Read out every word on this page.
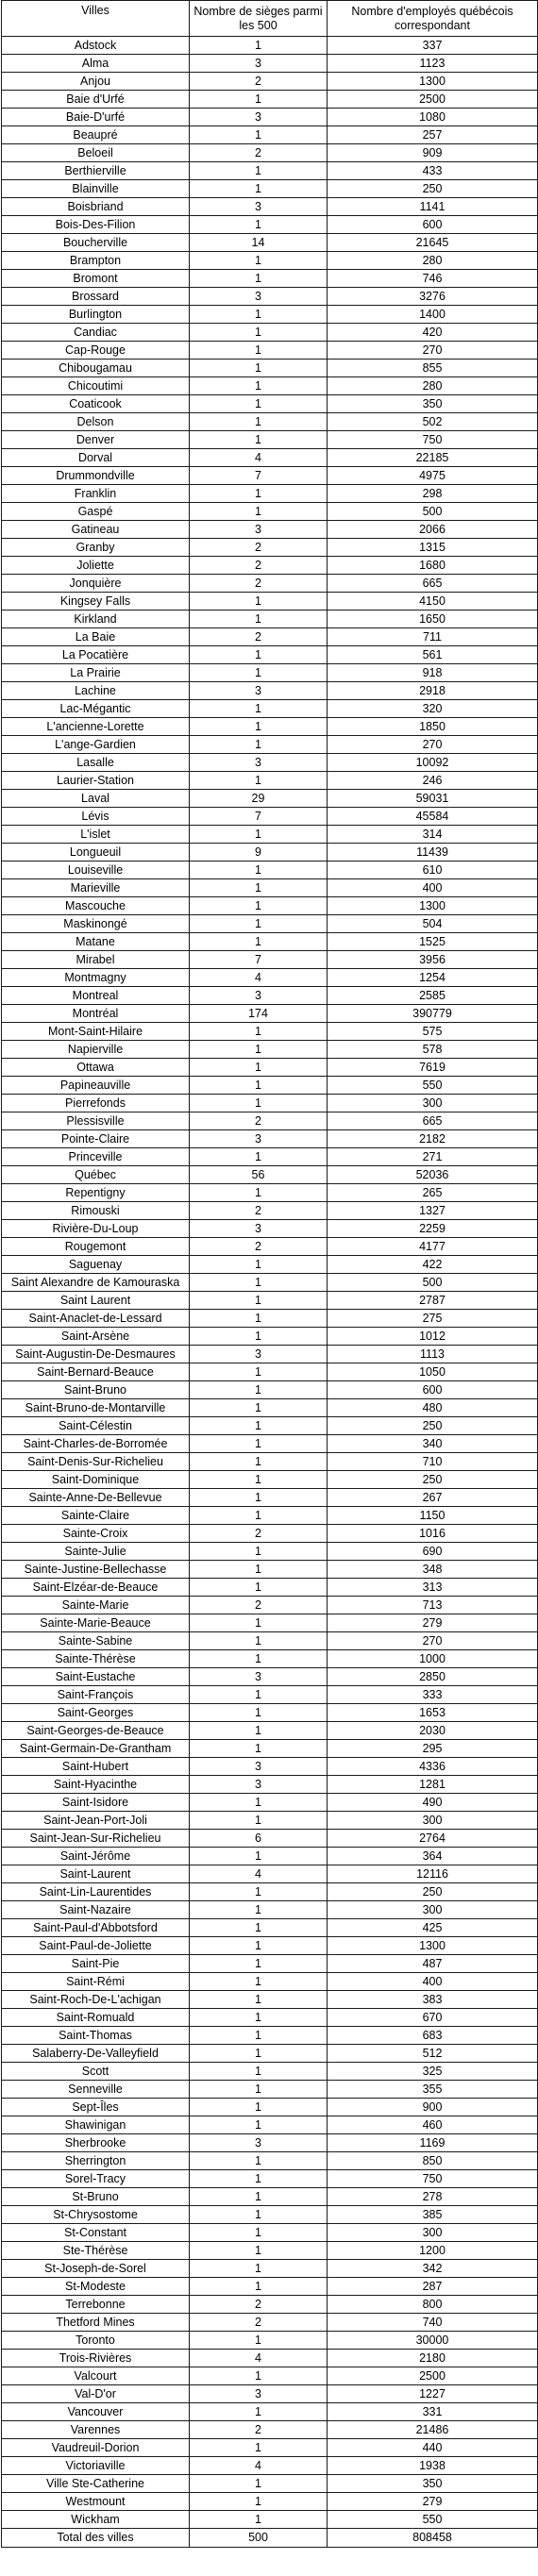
Villes	Nombre de sièges parmi les 500	Nombre d'employés québécois correspondant
Adstock	1	337
Alma	3	1123
Anjou	2	1300
Baie d'Urfé	1	2500
Baie-D'urfé	3	1080
Beaupré	1	257
Beloeil	2	909
Berthierville	1	433
Blainville	1	250
Boisbriand	3	1141
Bois-Des-Filion	1	600
Boucherville	14	21645
Brampton	1	280
Bromont	1	746
Brossard	3	3276
Burlington	1	1400
Candiac	1	420
Cap-Rouge	1	270
Chibougamau	1	855
Chicoutimi	1	280
Coaticook	1	350
Delson	1	502
Denver	1	750
Dorval	4	22185
Drummondville	7	4975
Franklin	1	298
Gaspé	1	500
Gatineau	3	2066
Granby	2	1315
Joliette	2	1680
Jonquière	2	665
Kingsey Falls	1	4150
Kirkland	1	1650
La Baie	2	711
La Pocatière	1	561
La Prairie	1	918
Lachine	3	2918
Lac-Mégantic	1	320
L'ancienne-Lorette	1	1850
L'ange-Gardien	1	270
Lasalle	3	10092
Laurier-Station	1	246
Laval	29	59031
Lévis	7	45584
L'islet	1	314
Longueuil	9	11439
Louiseville	1	610
Marieville	1	400
Mascouche	1	1300
Maskinongé	1	504
Matane	1	1525
Mirabel	7	3956
Montmagny	4	1254
Montreal	3	2585
Montréal	174	390779
Mont-Saint-Hilaire	1	575
Napierville	1	578
Ottawa	1	7619
Papineauville	1	550
Pierrefonds	1	300
Plessisville	2	665
Pointe-Claire	3	2182
Princeville	1	271
Québec	56	52036
Repentigny	1	265
Rimouski	2	1327
Rivière-Du-Loup	3	2259
Rougemont	2	4177
Saguenay	1	422
Saint Alexandre de Kamouraska	1	500
Saint Laurent	1	2787
Saint-Anaclet-de-Lessard	1	275
Saint-Arsène	1	1012
Saint-Augustin-De-Desmaures	3	1113
Saint-Bernard-Beauce	1	1050
Saint-Bruno	1	600
Saint-Bruno-de-Montarville	1	480
Saint-Célestin	1	250
Saint-Charles-de-Borromée	1	340
Saint-Denis-Sur-Richelieu	1	710
Saint-Dominique	1	250
Sainte-Anne-De-Bellevue	1	267
Sainte-Claire	1	1150
Sainte-Croix	2	1016
Sainte-Julie	1	690
Sainte-Justine-Bellechasse	1	348
Saint-Elzéar-de-Beauce	1	313
Sainte-Marie	2	713
Sainte-Marie-Beauce	1	279
Sainte-Sabine	1	270
Sainte-Thérèse	1	1000
Saint-Eustache	3	2850
Saint-François	1	333
Saint-Georges	1	1653
Saint-Georges-de-Beauce	1	2030
Saint-Germain-De-Grantham	1	295
Saint-Hubert	3	4336
Saint-Hyacinthe	3	1281
Saint-Isidore	1	490
Saint-Jean-Port-Joli	1	300
Saint-Jean-Sur-Richelieu	6	2764
Saint-Jérôme	1	364
Saint-Laurent	4	12116
Saint-Lin-Laurentides	1	250
Saint-Nazaire	1	300
Saint-Paul-d'Abbotsford	1	425
Saint-Paul-de-Joliette	1	1300
Saint-Pie	1	487
Saint-Rémi	1	400
Saint-Roch-De-L'achigan	1	383
Saint-Romuald	1	670
Saint-Thomas	1	683
Salaberry-De-Valleyfield	1	512
Scott	1	325
Senneville	1	355
Sept-Îles	1	900
Shawinigan	1	460
Sherbrooke	3	1169
Sherrington	1	850
Sorel-Tracy	1	750
St-Bruno	1	278
St-Chrysostome	1	385
St-Constant	1	300
Ste-Thérèse	1	1200
St-Joseph-de-Sorel	1	342
St-Modeste	1	287
Terrebonne	2	800
Thetford Mines	2	740
Toronto	1	30000
Trois-Rivières	4	2180
Valcourt	1	2500
Val-D'or	3	1227
Vancouver	1	331
Varennes	2	21486
Vaudreuil-Dorion	1	440
Victoriaville	4	1938
Ville Ste-Catherine	1	350
Westmount	1	279
Wickham	1	550
Total des villes	500	808458
